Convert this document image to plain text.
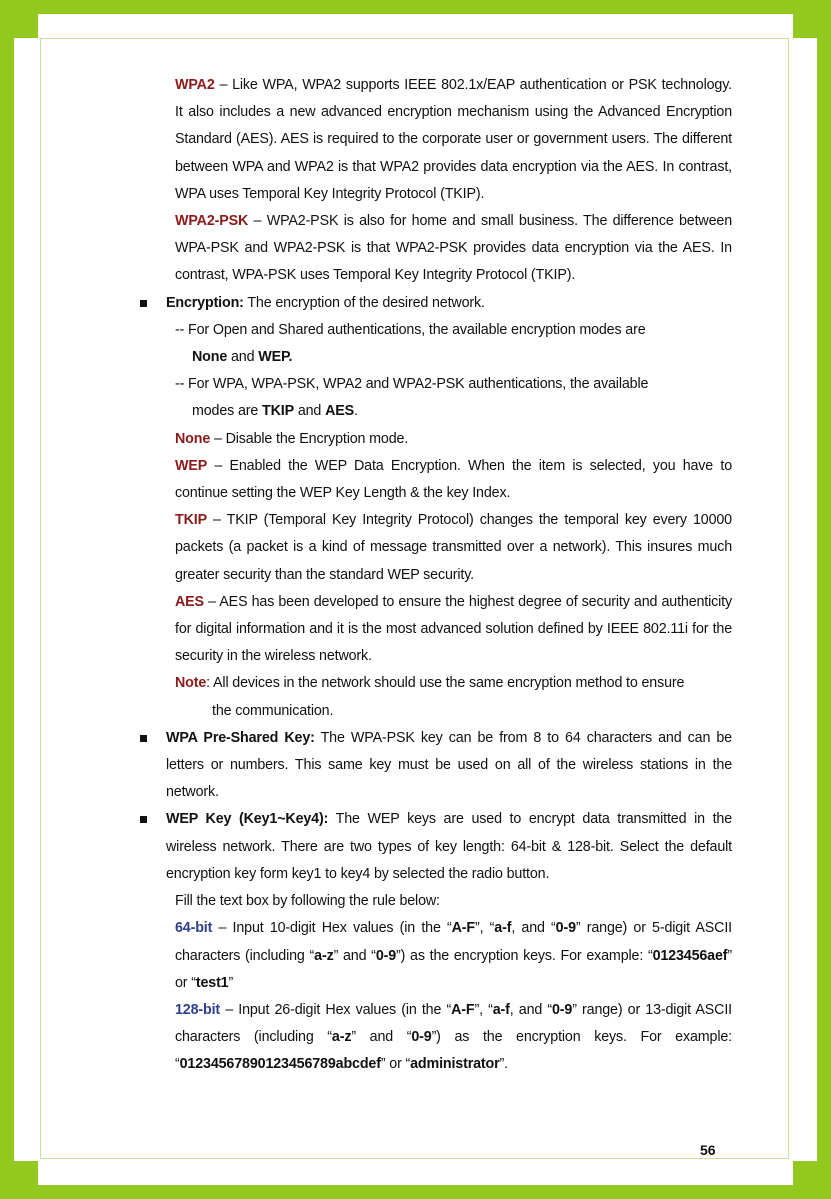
WPA2 – Like WPA, WPA2 supports IEEE 802.1x/EAP authentication or PSK technology. It also includes a new advanced encryption mechanism using the Advanced Encryption Standard (AES). AES is required to the corporate user or government users. The different between WPA and WPA2 is that WPA2 provides data encryption via the AES. In contrast, WPA uses Temporal Key Integrity Protocol (TKIP).

WPA2-PSK – WPA2-PSK is also for home and small business. The difference between WPA-PSK and WPA2-PSK is that WPA2-PSK provides data encryption via the AES. In contrast, WPA-PSK uses Temporal Key Integrity Protocol (TKIP).

Encryption: The encryption of the desired network.

-- For Open and Shared authentications, the available encryption modes are

None and WEP.

-- For WPA, WPA-PSK, WPA2 and WPA2-PSK authentications, the available

modes are TKIP and AES.

None – Disable the Encryption mode.

WEP – Enabled the WEP Data Encryption. When the item is selected, you have to continue setting the WEP Key Length & the key Index.

TKIP – TKIP (Temporal Key Integrity Protocol) changes the temporal key every 10000 packets (a packet is a kind of message transmitted over a network). This insures much greater security than the standard WEP security.

AES – AES has been developed to ensure the highest degree of security and authenticity for digital information and it is the most advanced solution defined by IEEE 802.11i for the security in the wireless network.

Note: All devices in the network should use the same encryption method to ensure

the communication.

WPA Pre-Shared Key: The WPA-PSK key can be from 8 to 64 characters and can be letters or numbers. This same key must be used on all of the wireless stations in the network.

WEP Key (Key1~Key4): The WEP keys are used to encrypt data transmitted in the wireless network. There are two types of key length: 64-bit & 128-bit. Select the default encryption key form key1 to key4 by selected the radio button.

Fill the text box by following the rule below:

64-bit – Input 10-digit Hex values (in the “A-F”, “a-f, and “0-9” range) or 5-digit ASCII characters (including “a-z” and “0-9”) as the encryption keys. For example: “0123456aef” or “test1”

128-bit – Input 26-digit Hex values (in the “A-F”, “a-f, and “0-9” range) or 13-digit ASCII characters (including “a-z” and “0-9”) as the encryption keys. For example: “01234567890123456789abcdef” or “administrator”.

56
